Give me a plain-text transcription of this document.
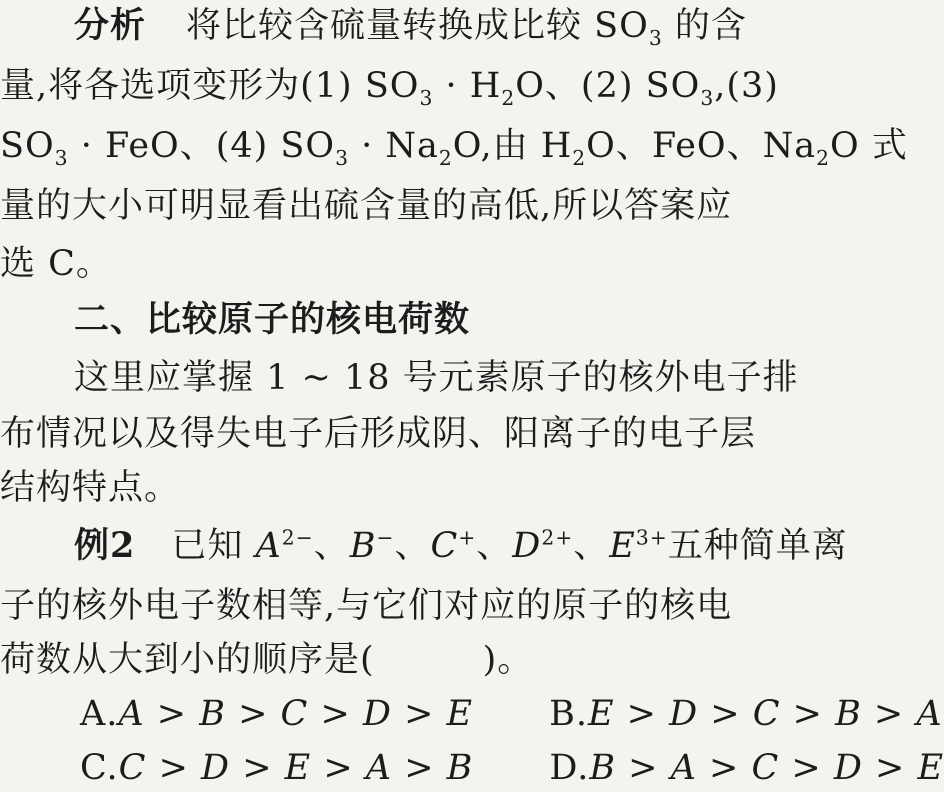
分析 将比较含硫量转换成比较 $SO_3$ 的含
量,将各选项变形为(1) $SO_3 \cdot H_2O$、(2) $SO_3,(3)$
$SO_3$ · FeO、(4) $SO_3 \cdot Na_2O$,由 $H_2O$、FeO、$Na_2O$ 式
量的大小可明显看出硫含量的高低,所以答案应
选 C。
二、比较原子的核电荷数
这里应掌握 1 ~ 18 号元素原子的核外电子排
布情况以及得失电子后形成阴、阳离子的电子层
结构特点。
例2 已知 $A^{2-}$、B−、C+、$D^{2+}$、$E^{3+}$五种简单离
子的核外电子数相等,与它们对应的原子的核电
荷数从大到小的顺序是(　　　)。
A.A > B > C > D > E B.E > D > C > B > A
C.C > D > E > A > B D.B > A > C > D > E
